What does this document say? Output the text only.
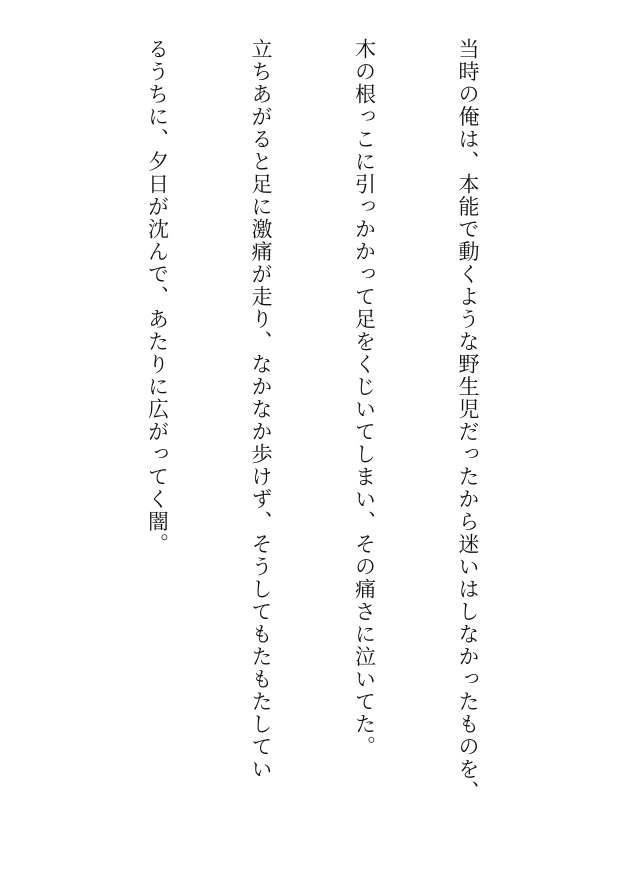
当時の俺は、本能で動くような野生児だったから迷いはしなかったものを、

木の根っこに引っかかって足をくじいてしまい、その痛さに泣いてた。

立ちあがると足に激痛が走り、なかなか歩けず、そうしてもたもたしてい

るうちに、夕日が沈んで、あたりに広がってく闇。
